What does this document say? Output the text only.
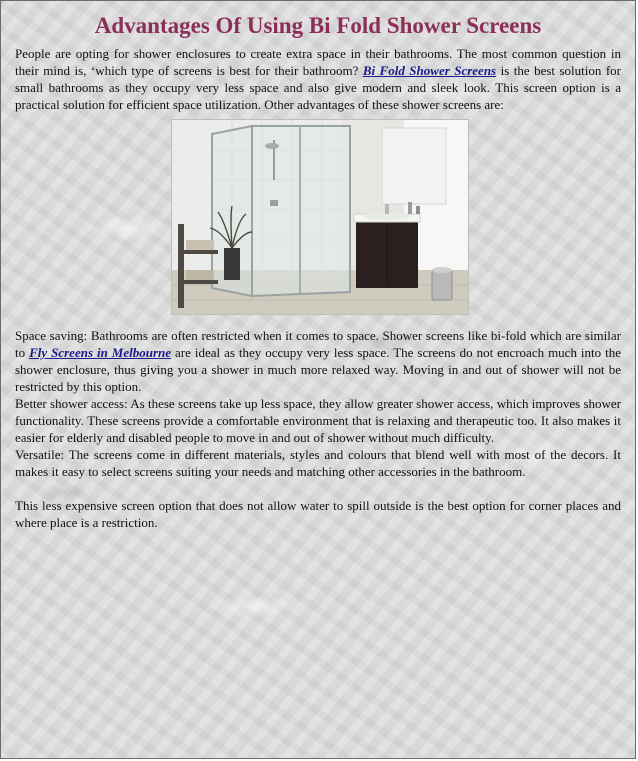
Advantages Of Using Bi Fold Shower Screens

People are opting for shower enclosures to create extra space in their bathrooms. The most common question in their mind is, ‘which type of screens is best for their bathroom? Bi Fold Shower Screens is the best solution for small bathrooms as they occupy very less space and also give modern and sleek look. This screen option is a practical solution for efficient space utilization. Other advantages of these shower screens are:

Space saving: Bathrooms are often restricted when it comes to space. Shower screens like bi-fold which are similar to Fly Screens in Melbourne are ideal as they occupy very less space. The screens do not encroach much into the shower enclosure, thus giving you a shower in much more relaxed way. Moving in and out of shower will not be restricted by this option.

Better shower access: As these screens take up less space, they allow greater shower access, which improves shower functionality. These screens provide a comfortable environment that is relaxing and therapeutic too. It also makes it easier for elderly and disabled people to move in and out of shower without much difficulty.

Versatile: The screens come in different materials, styles and colours that blend well with most of the decors. It makes it easy to select screens suiting your needs and matching other accessories in the bathroom.

This less expensive screen option that does not allow water to spill outside is the best option for corner places and where place is a restriction.
